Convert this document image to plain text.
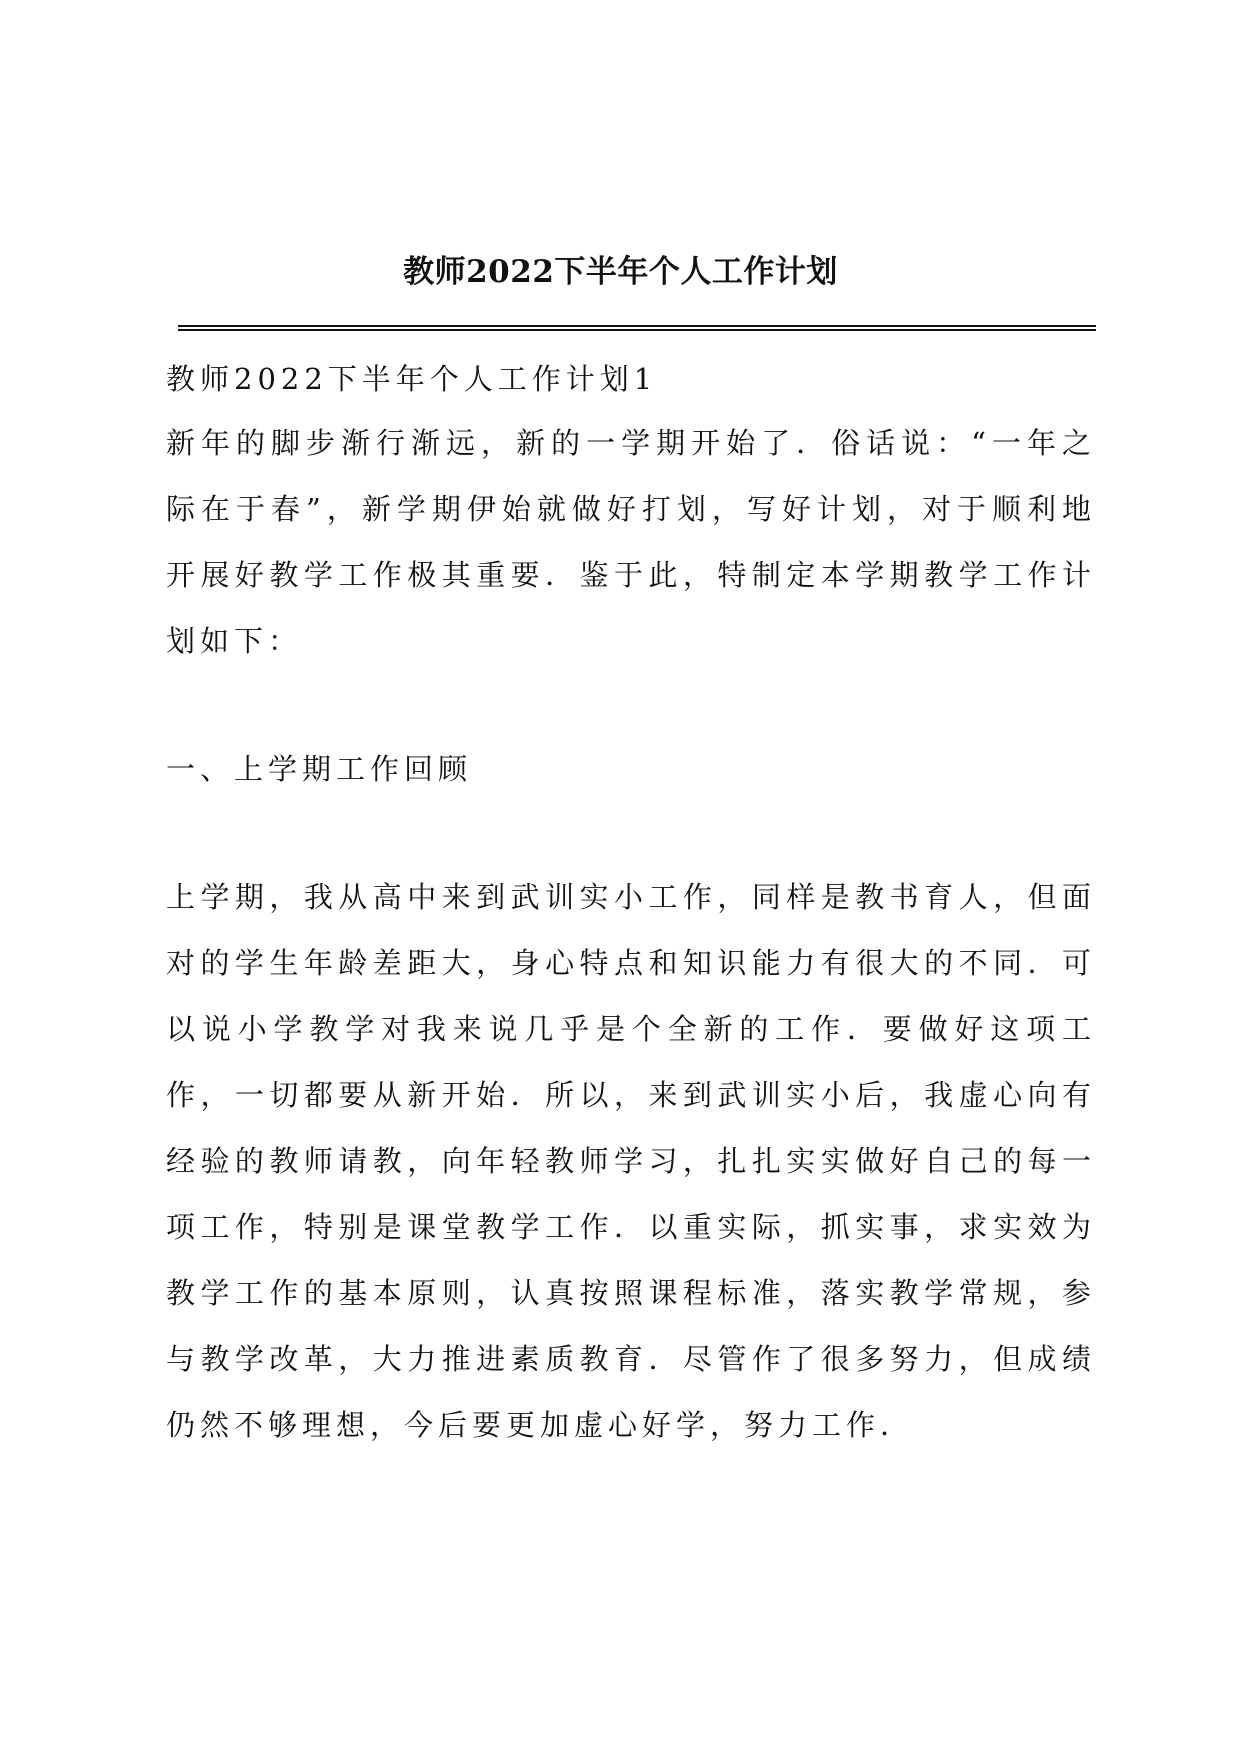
教师2022下半年个人工作计划

教师2022下半年个人工作计划1

新年的脚步渐行渐远，新的一学期开始了．俗话说：“一年之际在于春”，新学期伊始就做好打划，写好计划，对于顺利地开展好教学工作极其重要．鉴于此，特制定本学期教学工作计划如下：

一、上学期工作回顾

上学期，我从高中来到武训实小工作，同样是教书育人，但面对的学生年龄差距大，身心特点和知识能力有很大的不同．可以说小学教学对我来说几乎是个全新的工作．要做好这项工作，一切都要从新开始．所以，来到武训实小后，我虚心向有经验的教师请教，向年轻教师学习，扎扎实实做好自己的每一项工作，特别是课堂教学工作．以重实际，抓实事，求实效为教学工作的基本原则，认真按照课程标准，落实教学常规，参与教学改革，大力推进素质教育．尽管作了很多努力，但成绩仍然不够理想，今后要更加虚心好学，努力工作．
